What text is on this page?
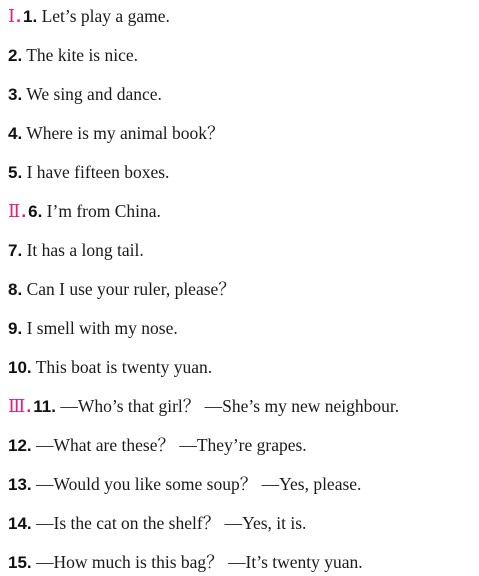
Ⅰ. 1. Let’s play a game.
2. The kite is nice.
3. We sing and dance.
4. Where is my animal book？
5. I have fifteen boxes.
Ⅱ. 6. I’m from China.
7. It has a long tail.
8. Can I use your ruler, please？
9. I smell with my nose.
10. This boat is twenty yuan.
Ⅲ. 11. —Who’s that girl？ —She’s my new neighbour.
12. —What are these？ —They’re grapes.
13. —Would you like some soup？ —Yes, please.
14. —Is the cat on the shelf？ —Yes, it is.
15. —How much is this bag？ —It’s twenty yuan.
